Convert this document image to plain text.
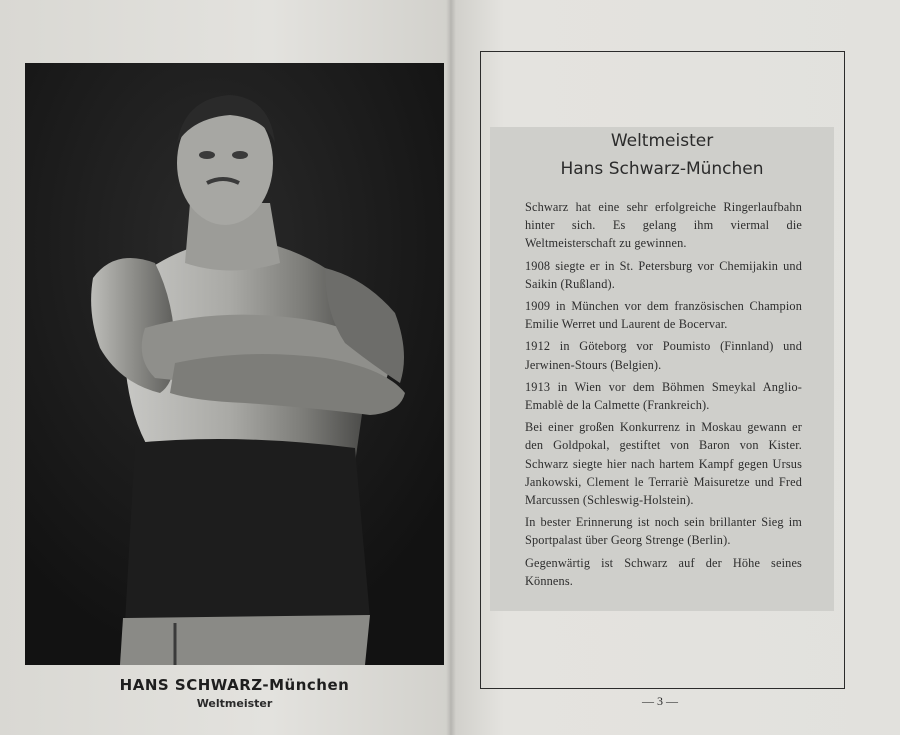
HANS SCHWARZ-München
Weltmeister
Weltmeister
Hans Schwarz-München

Schwarz hat eine sehr erfolgreiche Ringerlaufbahn hinter sich. Es gelang ihm viermal die Weltmeisterschaft zu gewinnen.

1908 siegte er in St. Petersburg vor Chemijakin und Saikin (Rußland).

1909 in München vor dem französischen Champion Emilie Werret und Laurent de Bocervar.

1912 in Göteborg vor Poumisto (Finnland) und Jerwinen-Stours (Belgien).

1913 in Wien vor dem Böhmen Smeykal Anglio-Emablè de la Calmette (Frankreich).

Bei einer großen Konkurrenz in Moskau gewann er den Goldpokal, gestiftet von Baron von Kister. Schwarz siegte hier nach hartem Kampf gegen Ursus Jankowski, Clement le Terrariè Maisuretze und Fred Marcussen (Schleswig-Holstein).

In bester Erinnerung ist noch sein brillanter Sieg im Sportpalast über Georg Strenge (Berlin).

Gegenwärtig ist Schwarz auf der Höhe seines Könnens.

— 3 —
